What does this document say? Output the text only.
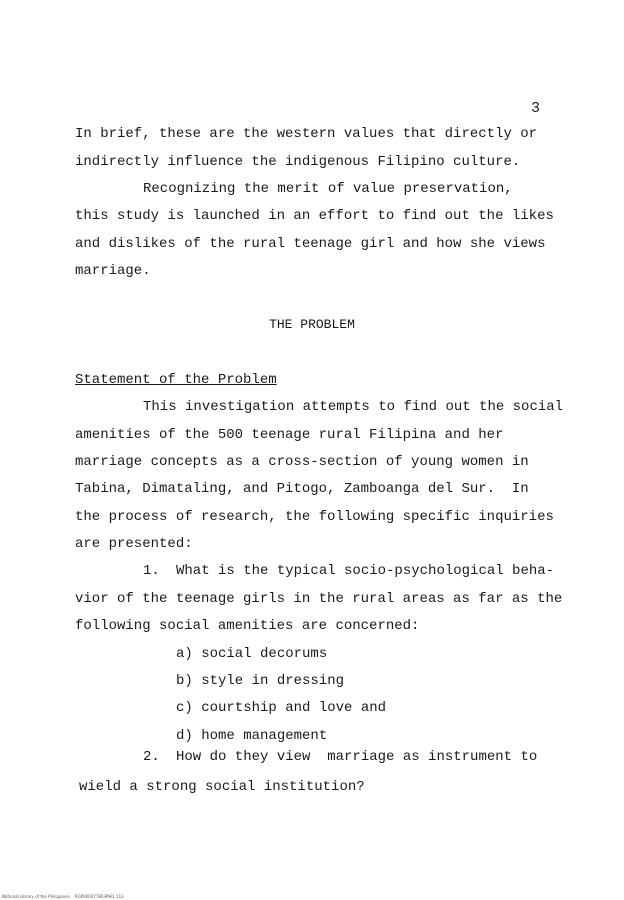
3
In brief, these are the western values that directly or
indirectly influence the indigenous Filipino culture.
Recognizing the merit of value preservation,
this study is launched in an effort to find out the likes
and dislikes of the rural teenage girl and how she views
marriage.
THE PROBLEM
Statement of the Problem
This investigation attempts to find out the social
amenities of the 500 teenage rural Filipina and her
marriage concepts as a cross-section of young women in
Tabina, Dimataling, and Pitogo, Zamboanga del Sur.  In
the process of research, the following specific inquiries
are presented:
1. What is the typical socio-psychological beha-
vior of the teenage girls in the rural areas as far as the
following social amenities are concerned:
a) social decorums
b) style in dressing
c) courtship and love and
d) home management
2. How do they view  marriage as instrument to
wield a strong social institution?
National Library of the Philippines    RGP000077803PHIL 113
